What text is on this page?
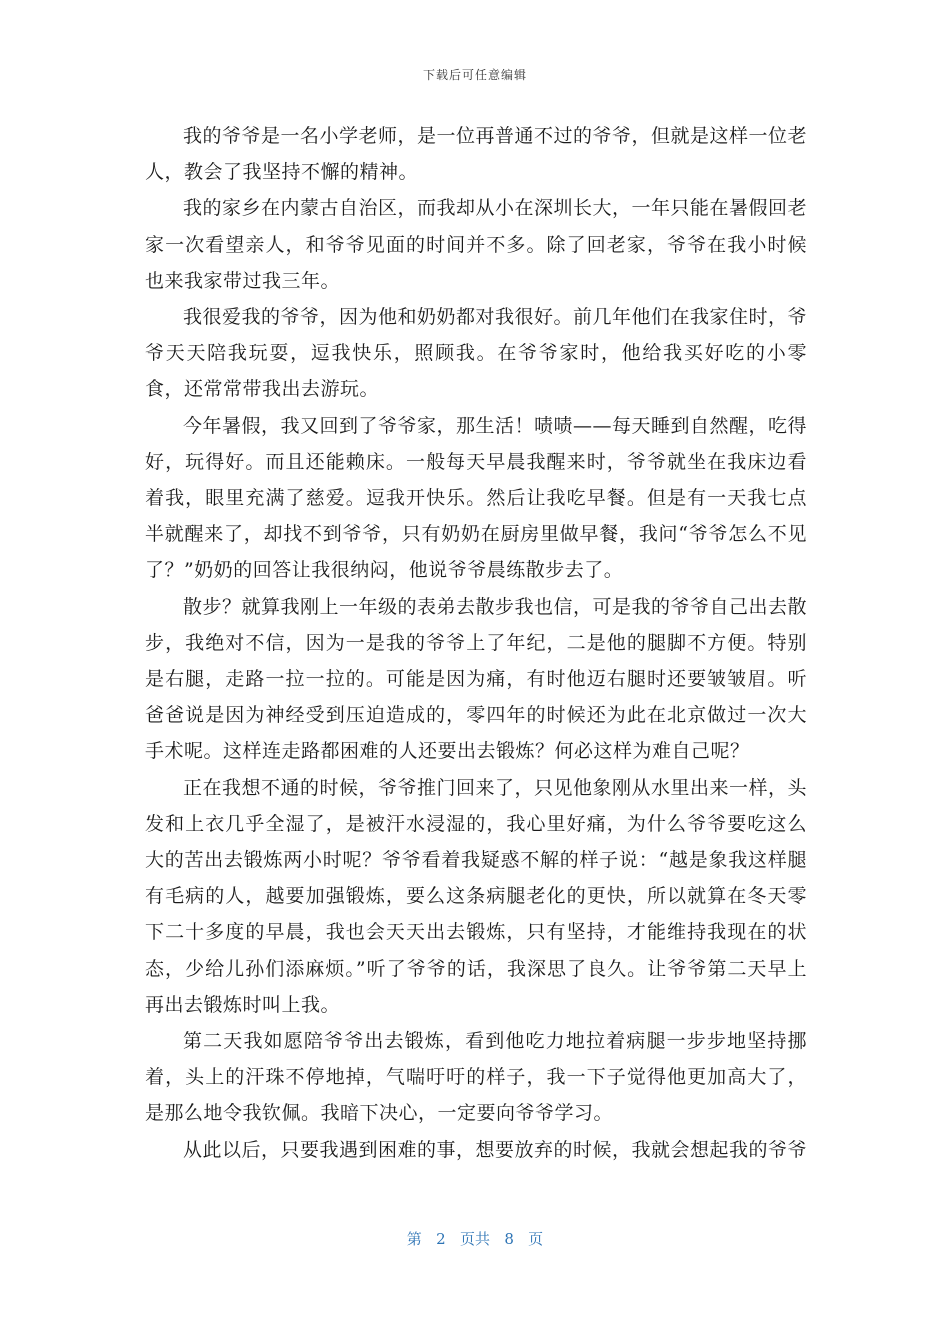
下载后可任意编辑

我的爷爷是一名小学老师，是一位再普通不过的爷爷，但就是这样一位老人，教会了我坚持不懈的精神。

我的家乡在内蒙古自治区，而我却从小在深圳长大，一年只能在暑假回老家一次看望亲人，和爷爷见面的时间并不多。除了回老家，爷爷在我小时候也来我家带过我三年。

我很爱我的爷爷，因为他和奶奶都对我很好。前几年他们在我家住时，爷爷天天陪我玩耍，逗我快乐，照顾我。在爷爷家时，他给我买好吃的小零食，还常常带我出去游玩。

今年暑假，我又回到了爷爷家，那生活！啧啧——每天睡到自然醒，吃得好，玩得好。而且还能赖床。一般每天早晨我醒来时，爷爷就坐在我床边看着我，眼里充满了慈爱。逗我开快乐。然后让我吃早餐。但是有一天我七点半就醒来了，却找不到爷爷，只有奶奶在厨房里做早餐，我问“爷爷怎么不见了？”奶奶的回答让我很纳闷，他说爷爷晨练散步去了。

散步？就算我刚上一年级的表弟去散步我也信，可是我的爷爷自己出去散步，我绝对不信，因为一是我的爷爷上了年纪，二是他的腿脚不方便。特别是右腿，走路一拉一拉的。可能是因为痛，有时他迈右腿时还要皱皱眉。听爸爸说是因为神经受到压迫造成的，零四年的时候还为此在北京做过一次大手术呢。这样连走路都困难的人还要出去锻炼？何必这样为难自己呢？

正在我想不通的时候，爷爷推门回来了，只见他象刚从水里出来一样，头发和上衣几乎全湿了，是被汗水浸湿的，我心里好痛，为什么爷爷要吃这么大的苦出去锻炼两小时呢？爷爷看着我疑惑不解的样子说：“越是象我这样腿有毛病的人，越要加强锻炼，要么这条病腿老化的更快，所以就算在冬天零下二十多度的早晨，我也会天天出去锻炼，只有坚持，才能维持我现在的状态，少给儿孙们添麻烦。”听了爷爷的话，我深思了良久。让爷爷第二天早上再出去锻炼时叫上我。

第二天我如愿陪爷爷出去锻炼，看到他吃力地拉着病腿一步步地坚持挪着，头上的汗珠不停地掉，气喘吁吁的样子，我一下子觉得他更加高大了，是那么地令我钦佩。我暗下决心，一定要向爷爷学习。

从此以后，只要我遇到困难的事，想要放弃的时候，我就会想起我的爷爷

第 2 页共 8 页
